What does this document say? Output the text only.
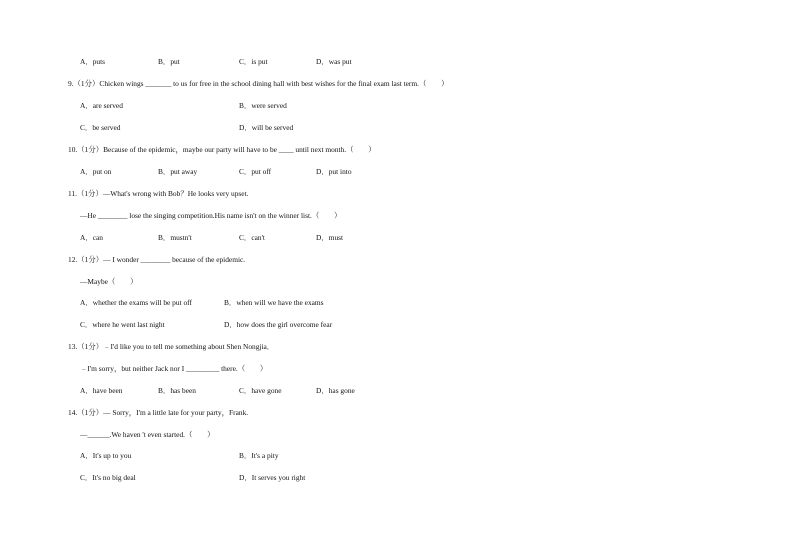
A．puts	B．put	C．is put	D．was put
9.（1分）Chicken wings _______ to us for free in the school dining hall with best wishes for the final exam last term.（　　）
A．are served	B．were served
C．be served	D．will be served
10.（1分）Because of the epidemic，maybe our party will have to be ____ until next month.（　　）
A．put on	B．put away	C．put off	D．put into
11.（1分）—What's wrong with Bob？He looks very upset.
—He ________ lose the singing competition.His name isn't on the winner list.（　　）
A．can	B．mustn't	C．can't	D．must
12.（1分）— I wonder ________ because of the epidemic.
—Maybe（　　）
A．whether the exams will be put off	B．when will we have the exams
C．where he went last night	D．how does the girl overcome fear
13.（1分）﹣I'd like you to tell me something about Shen Nongjia．
﹣I'm sorry，but neither Jack nor I _________ there.（　　）
A．have been	B．has been	C．have gone	D．has gone
14.（1分）— Sorry，I'm a little late for your party，Frank.
—______.We haven 't even started.（　　）
A．It's up to you	B．It's a pity
C．It's no big deal	D．It serves you right
